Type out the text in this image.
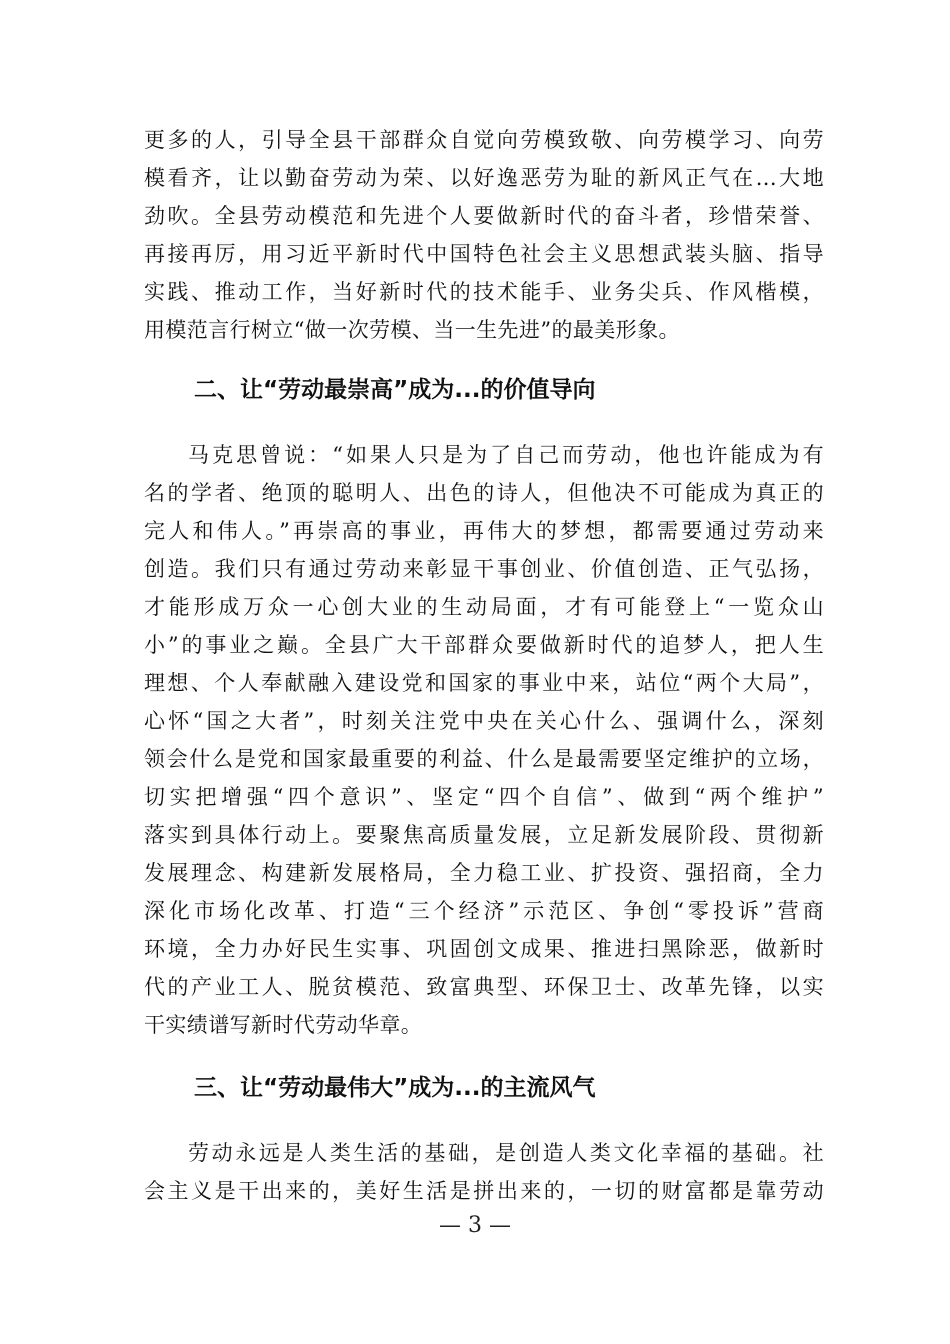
更多的人，引导全县干部群众自觉向劳模致敬、向劳模学习、向劳
模看齐，让以勤奋劳动为荣、以好逸恶劳为耻的新风正气在...大地
劲吹。全县劳动模范和先进个人要做新时代的奋斗者，珍惜荣誉、
再接再厉，用习近平新时代中国特色社会主义思想武装头脑、指导
实践、推动工作，当好新时代的技术能手、业务尖兵、作风楷模，
用模范言行树立“做一次劳模、当一生先进”的最美形象。
二、让“劳动最崇高”成为...的价值导向
马克思曾说：“如果人只是为了自己而劳动，他也许能成为有
名的学者、绝顶的聪明人、出色的诗人，但他决不可能成为真正的
完人和伟人。”再崇高的事业，再伟大的梦想，都需要通过劳动来
创造。我们只有通过劳动来彰显干事创业、价值创造、正气弘扬，
才能形成万众一心创大业的生动局面，才有可能登上“一览众山
小”的事业之巅。全县广大干部群众要做新时代的追梦人，把人生
理想、个人奉献融入建设党和国家的事业中来，站位“两个大局”，
心怀“国之大者”，时刻关注党中央在关心什么、强调什么，深刻
领会什么是党和国家最重要的利益、什么是最需要坚定维护的立场，
切实把增强“四个意识”、坚定“四个自信”、做到“两个维护”
落实到具体行动上。要聚焦高质量发展，立足新发展阶段、贯彻新
发展理念、构建新发展格局，全力稳工业、扩投资、强招商，全力
深化市场化改革、打造“三个经济”示范区、争创“零投诉”营商
环境，全力办好民生实事、巩固创文成果、推进扫黑除恶，做新时
代的产业工人、脱贫模范、致富典型、环保卫士、改革先锋，以实
干实绩谱写新时代劳动华章。
三、让“劳动最伟大”成为...的主流风气
劳动永远是人类生活的基础，是创造人类文化幸福的基础。社
会主义是干出来的，美好生活是拼出来的，一切的财富都是靠劳动
— 3 —
